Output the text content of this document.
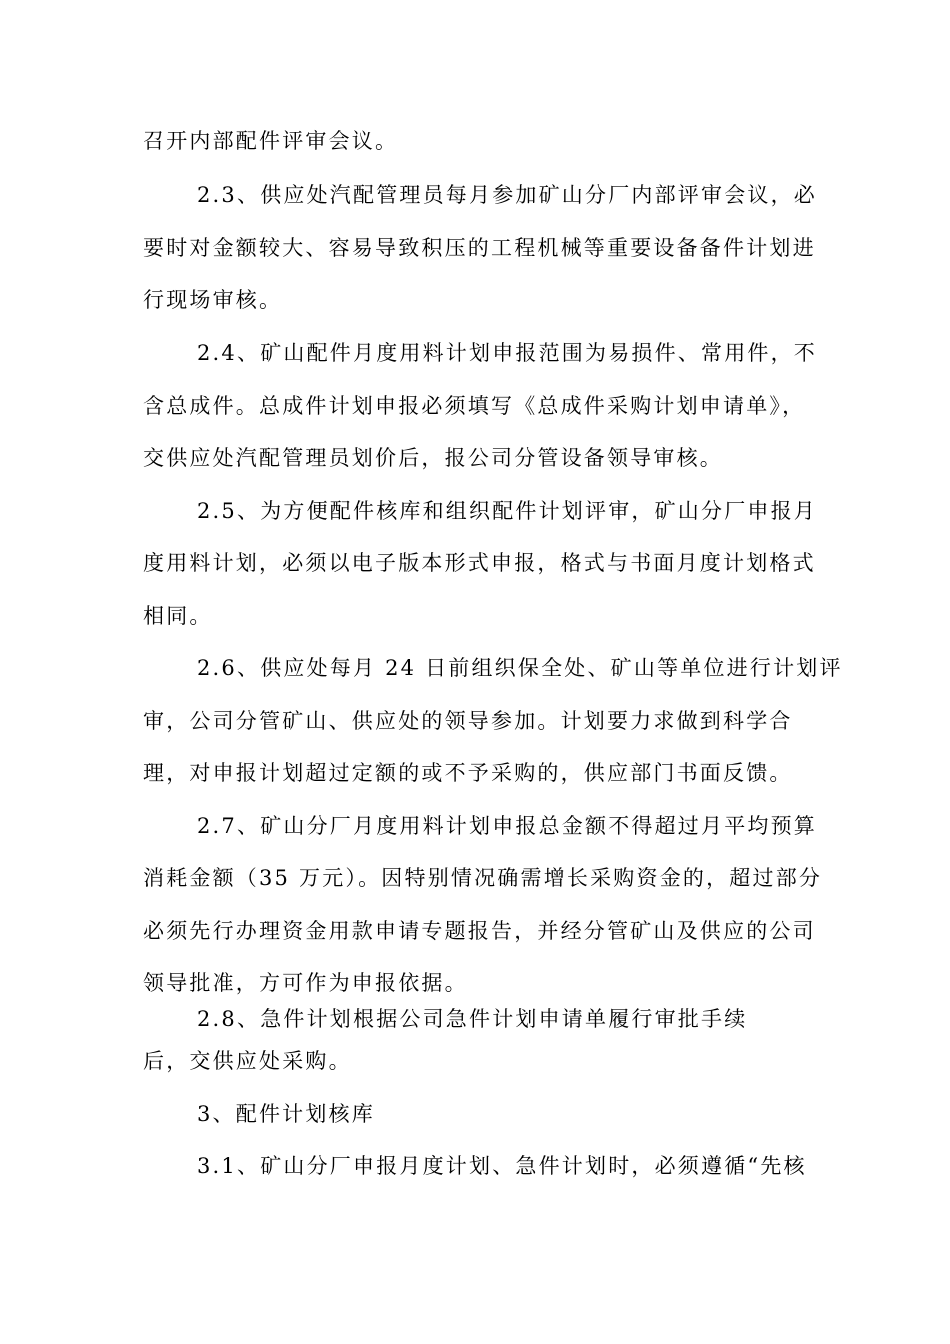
召开内部配件评审会议。
2.3、供应处汽配管理员每月参加矿山分厂内部评审会议，必
要时对金额较大、容易导致积压的工程机械等重要设备备件计划进
行现场审核。
2.4、矿山配件月度用料计划申报范围为易损件、常用件，不
含总成件。总成件计划申报必须填写《总成件采购计划申请单》，
交供应处汽配管理员划价后，报公司分管设备领导审核。
2.5、为方便配件核库和组织配件计划评审，矿山分厂申报月
度用料计划，必须以电子版本形式申报，格式与书面月度计划格式
相同。
2.6、供应处每月 24 日前组织保全处、矿山等单位进行计划评
审，公司分管矿山、供应处的领导参加。计划要力求做到科学合
理，对申报计划超过定额的或不予采购的，供应部门书面反馈。
2.7、矿山分厂月度用料计划申报总金额不得超过月平均预算
消耗金额（35 万元）。因特别情况确需增长采购资金的，超过部分
必须先行办理资金用款申请专题报告，并经分管矿山及供应的公司
领导批准，方可作为申报依据。
2.8、急件计划根据公司急件计划申请单履行审批手续
后，交供应处采购。
3、配件计划核库
3.1、矿山分厂申报月度计划、急件计划时，必须遵循“先核
